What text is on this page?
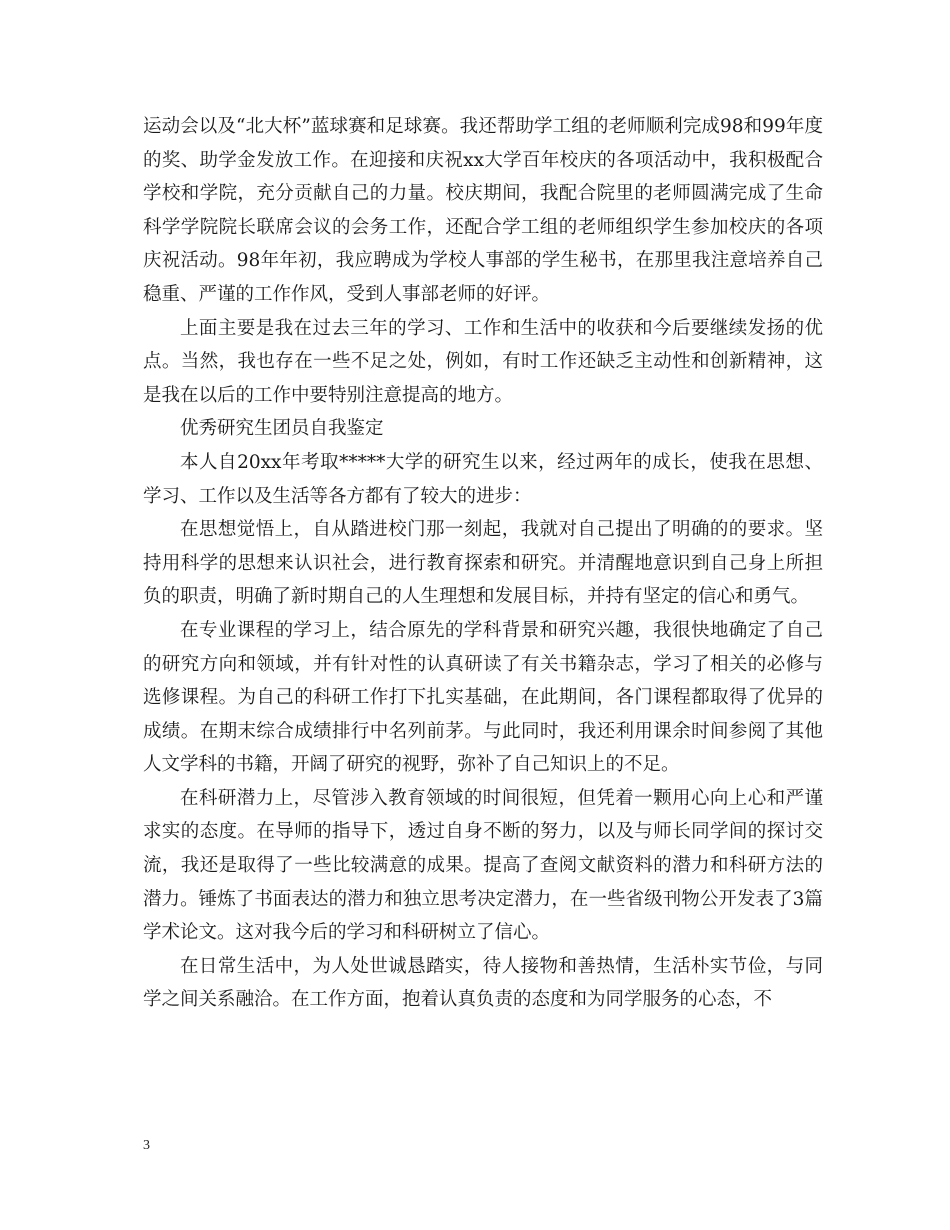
运动会以及“北大杯”蓝球赛和足球赛。我还帮助学工组的老师顺利完成98和99年度的奖、助学金发放工作。在迎接和庆祝xx大学百年校庆的各项活动中，我积极配合学校和学院，充分贡献自己的力量。校庆期间，我配合院里的老师圆满完成了生命科学学院院长联席会议的会务工作，还配合学工组的老师组织学生参加校庆的各项庆祝活动。98年年初，我应聘成为学校人事部的学生秘书，在那里我注意培养自己稳重、严谨的工作作风，受到人事部老师的好评。

上面主要是我在过去三年的学习、工作和生活中的收获和今后要继续发扬的优点。当然，我也存在一些不足之处，例如，有时工作还缺乏主动性和创新精神，这是我在以后的工作中要特别注意提高的地方。

优秀研究生团员自我鉴定

本人自20xx年考取*****大学的研究生以来，经过两年的成长，使我在思想、学习、工作以及生活等各方都有了较大的进步：

在思想觉悟上，自从踏进校门那一刻起，我就对自己提出了明确的的要求。坚持用科学的思想来认识社会，进行教育探索和研究。并清醒地意识到自己身上所担负的职责，明确了新时期自己的人生理想和发展目标，并持有坚定的信心和勇气。

在专业课程的学习上，结合原先的学科背景和研究兴趣，我很快地确定了自己的研究方向和领域，并有针对性的认真研读了有关书籍杂志，学习了相关的必修与选修课程。为自己的科研工作打下扎实基础，在此期间，各门课程都取得了优异的成绩。在期末综合成绩排行中名列前茅。与此同时，我还利用课余时间参阅了其他人文学科的书籍，开阔了研究的视野，弥补了自己知识上的不足。

在科研潜力上，尽管涉入教育领域的时间很短，但凭着一颗用心向上心和严谨求实的态度。在导师的指导下，透过自身不断的努力，以及与师长同学间的探讨交流，我还是取得了一些比较满意的成果。提高了查阅文献资料的潜力和科研方法的潜力。锤炼了书面表达的潜力和独立思考决定潜力，在一些省级刊物公开发表了3篇学术论文。这对我今后的学习和科研树立了信心。

在日常生活中，为人处世诚恳踏实，待人接物和善热情，生活朴实节俭，与同学之间关系融洽。在工作方面，抱着认真负责的态度和为同学服务的心态，不

3
